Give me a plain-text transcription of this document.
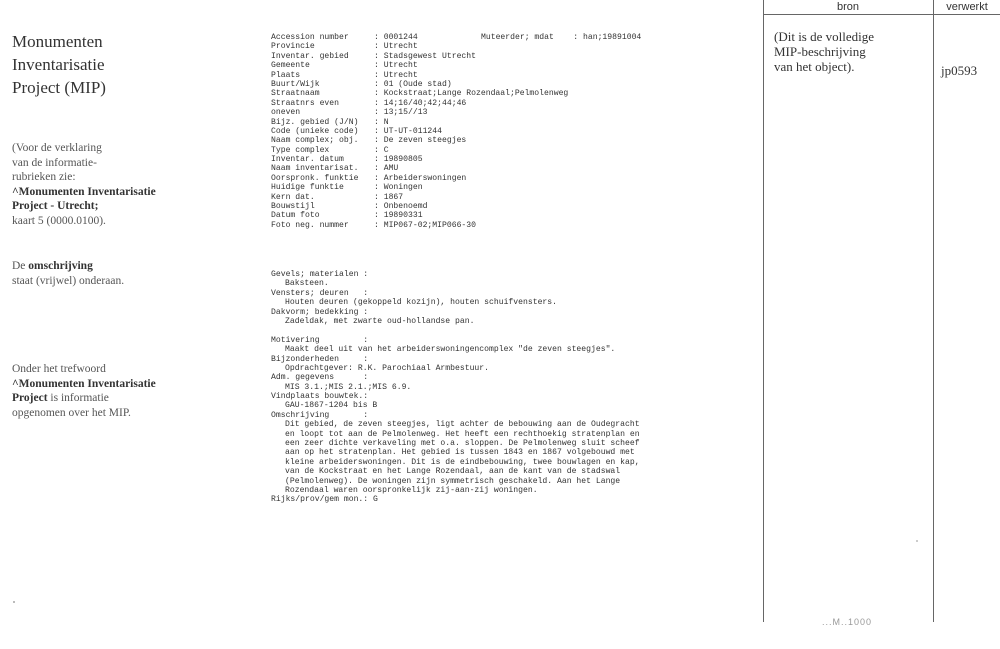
Monumenten
Inventarisatie
Project (MIP)
(Voor de verklaring
van de informatie-
rubrieken zie:
^Monumenten Inventarisatie
Project - Utrecht;
kaart 5 (0000.0100).
De omschrijving
staat (vrijwel) onderaan.
Onder het trefwoord
^Monumenten Inventarisatie
Project is informatie
opgenomen over het MIP.
Accession number	: 0001244
Provincie	: Utrecht
Inventar. gebied	: Stadsgewest Utrecht
Gemeente	: Utrecht
Plaats	: Utrecht
Buurt/Wijk	: 01 (Oude stad)
Straatnaam	: Kockstraat;Lange Rozendaal;Pelmolenweg
Straatnrs even	: 14;16/40;42;44;46
oneven	: 13;15//13
Bijz. gebied (J/N) : N
Code (unieke code) : UT-UT-011244
Naam complex; obj. : De zeven steegjes
Type complex	: C
Inventar. datum	: 19890805
Naam inventarisat. : AMU
Oorspronk. funktie : Arbeiderswoningen
Huidige funktie	: Woningen
Kern dat.	: 1867
Bouwstijl	: Onbenoemd
Datum foto	: 19890331
Foto neg. nummer	: MIP067-02;MIP066-30
Muteerder; mdat    : han;19891004
Gevels; materialen :
Baksteen.
Vensters; deuren   :
Houten deuren (gekoppeld kozijn), houten schuifvensters.
Dakvorm; bedekking :
Zadeldak, met zwarte oud-hollandse pan.
Motivering         :
Maakt deel uit van het arbeiderswoningencomplex "de zeven steegjes".
Bijzonderheden     :
Opdrachtgever: R.K. Parochiaal Armbestuur.
Adm. gegevens      :
MIS 3.1.;MIS 2.1.;MIS 6.9.
Vindplaats bouwtek.:
GAU-1867-1204 bis B
Omschrijving       :
Dit gebied, de zeven steegjes, ligt achter de bebouwing aan de Oudegracht
en loopt tot aan de Pelmolenweg. Het heeft een rechthoekig stratenplan en
een zeer dichte verkaveling met o.a. sloppen. De Pelmolenweg sluit scheef
aan op het stratenplan. Het gebied is tussen 1843 en 1867 volgebouwd met
kleine arbeiderswoningen. Dit is de eindbebouwing, twee bouwlagen en kap,
van de Kockstraat en het Lange Rozendaal, aan de kant van de stadswal
(Pelmolenweg). De woningen zijn symmetrisch geschakeld. Aan het Lange
Rozendaal waren oorspronkelijk zij-aan-zij woningen.
Rijks/prov/gem mon.: G
bron	verwerkt
(Dit is de volledige
MIP-beschrijving
van het object).	jp0593
...M..1000
